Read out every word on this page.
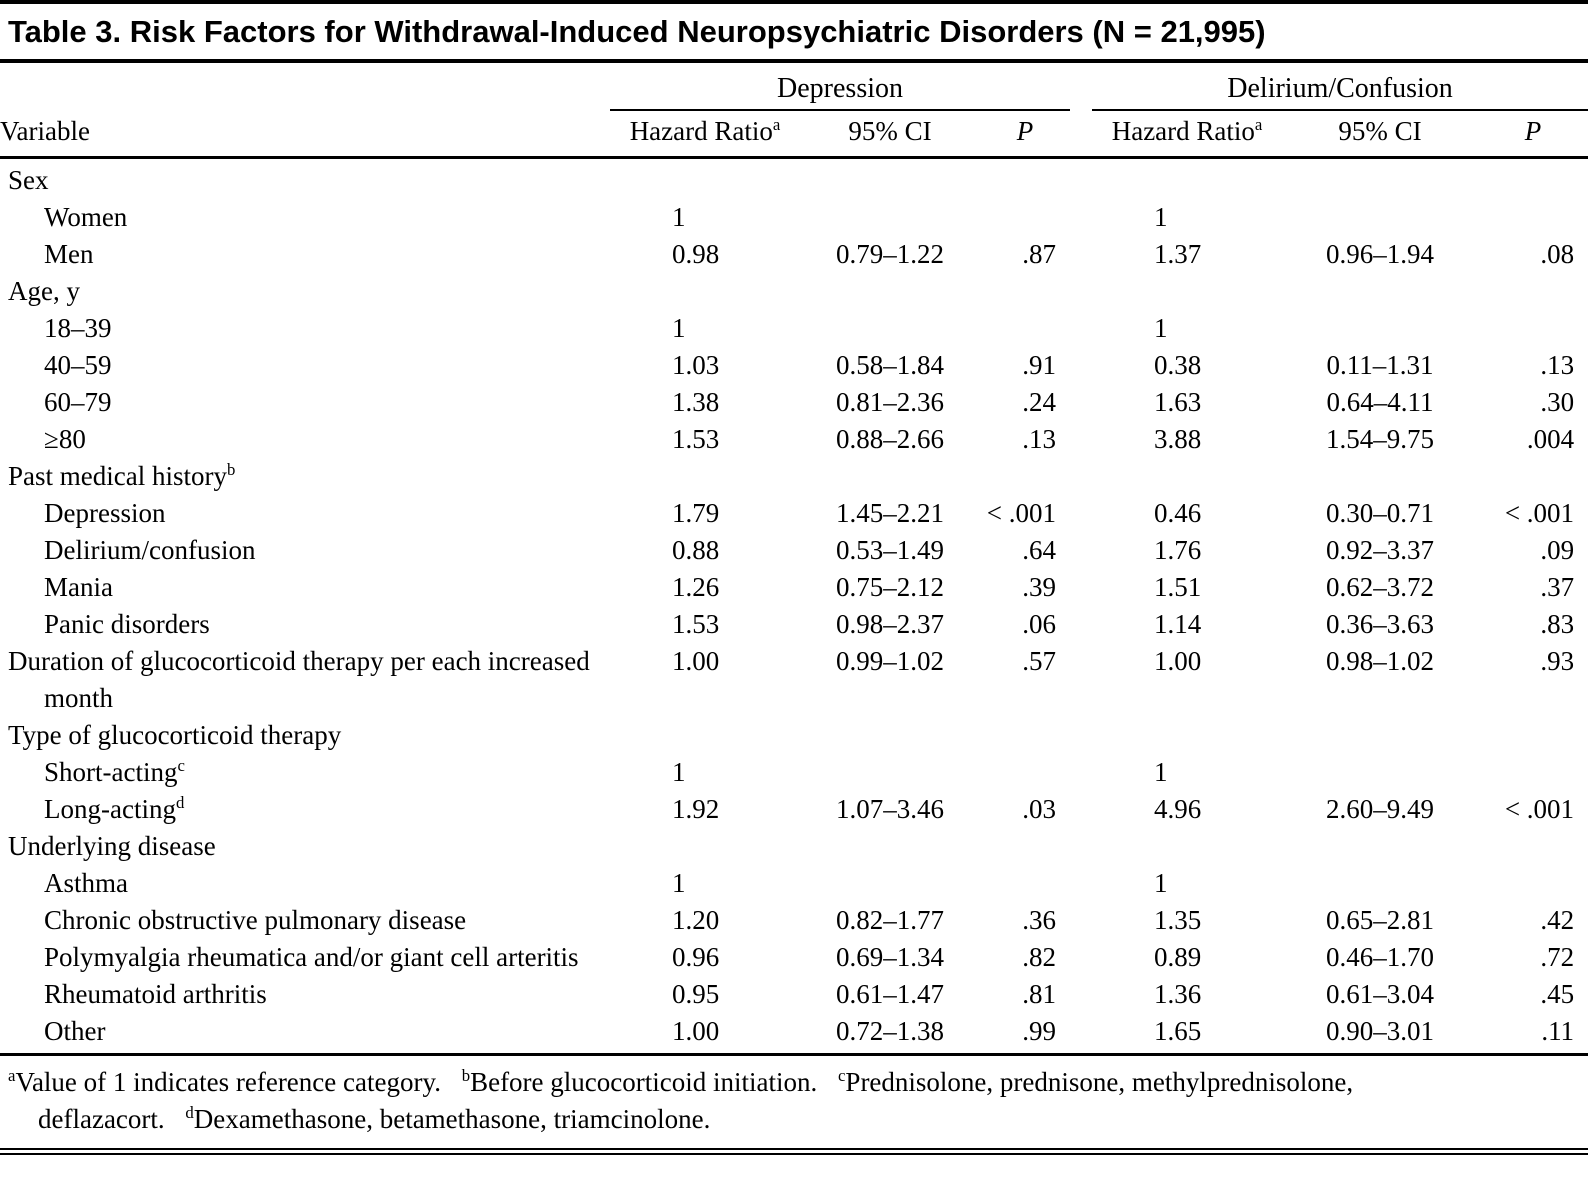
Table 3. Risk Factors for Withdrawal-Induced Neuropsychiatric Disorders (N = 21,995)
	Depression				Delirium/Confusion		
Variable	Hazard Ratio$^a$	95% CI	P		Hazard Ratio$^a$	95% CI	P
Sex							
Women	1				1		
Men	0.98	0.79–1.22	.87		1.37	0.96–1.94	.08
Age, y							
18–39	1				1		
40–59	1.03	0.58–1.84	.91		0.38	0.11–1.31	.13
60–79	1.38	0.81–2.36	.24		1.63	0.64–4.11	.30
≥80	1.53	0.88–2.66	.13		3.88	1.54–9.75	.004
Past medical history$^b$							
Depression	1.79	1.45–2.21	< .001		0.46	0.30–0.71	< .001
Delirium/confusion	0.88	0.53–1.49	.64		1.76	0.92–3.37	.09
Mania	1.26	0.75–2.12	.39		1.51	0.62–3.72	.37
Panic disorders	1.53	0.98–2.37	.06		1.14	0.36–3.63	.83
Duration of glucocorticoid therapy per each increased month	1.00	0.99–1.02	.57		1.00	0.98–1.02	.93
Type of glucocorticoid therapy							
Short-acting$^c$	1				1		
Long-acting$^d$	1.92	1.07–3.46	.03		4.96	2.60–9.49	< .001
Underlying disease							
Asthma	1				1		
Chronic obstructive pulmonary disease	1.20	0.82–1.77	.36		1.35	0.65–2.81	.42
Polymyalgia rheumatica and/or giant cell arteritis	0.96	0.69–1.34	.82		0.89	0.46–1.70	.72
Rheumatoid arthritis	0.95	0.61–1.47	.81		1.36	0.61–3.04	.45
Other	1.00	0.72–1.38	.99		1.65	0.90–3.01	.11
$^a$Value of 1 indicates reference category. $^b$Before glucocorticoid initiation. $^c$Prednisolone, prednisone, methylprednisolone, deflazacort. $^d$Dexamethasone, betamethasone, triamcinolone.
